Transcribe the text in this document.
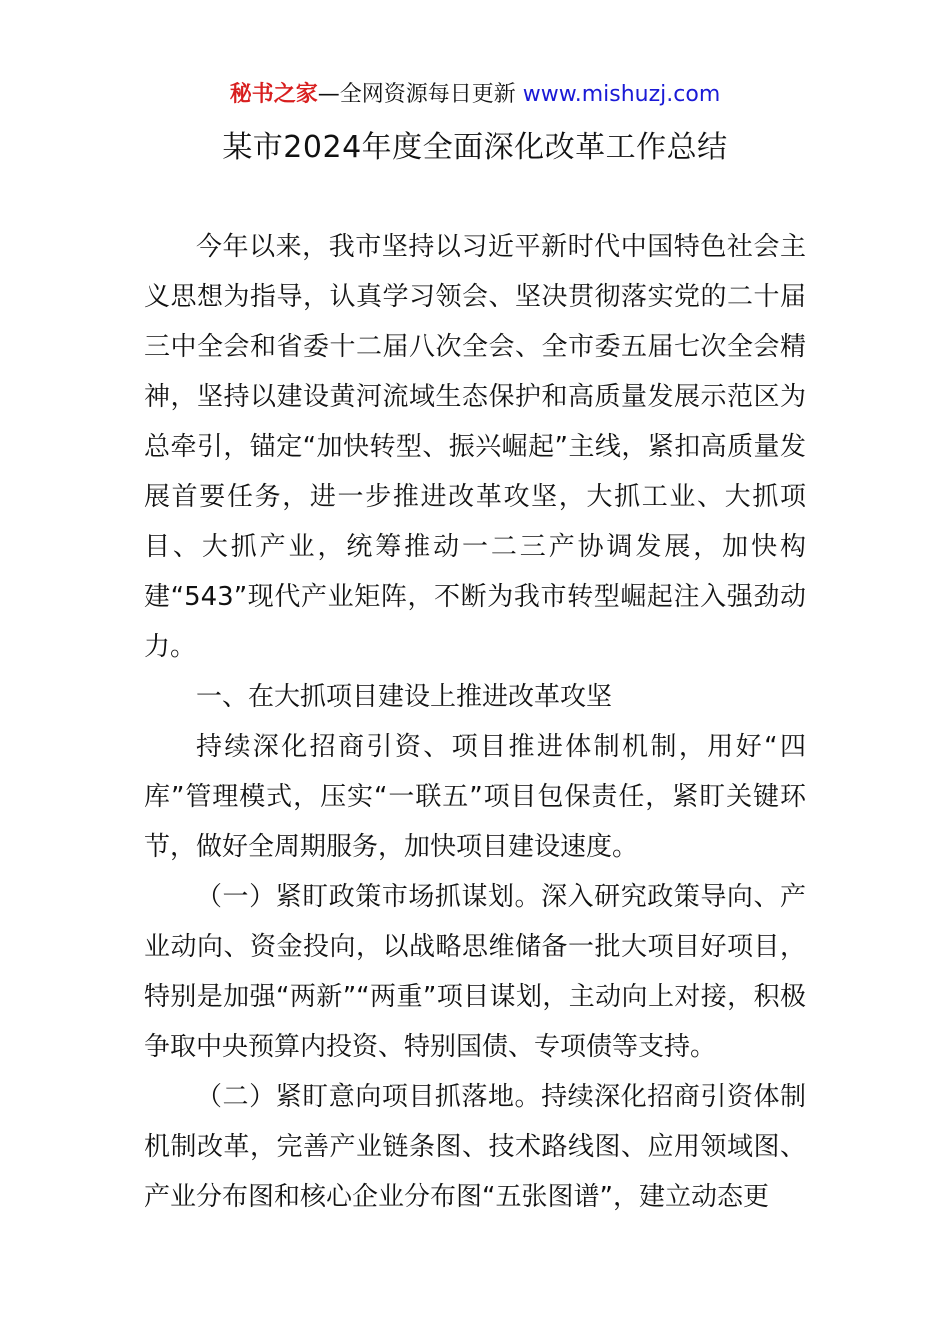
秘书之家—全网资源每日更新 www.mishuzj.com
某市2024年度全面深化改革工作总结

今年以来，我市坚持以习近平新时代中国特色社会主义思想为指导，认真学习领会、坚决贯彻落实党的二十届三中全会和省委十二届八次全会、全市委五届七次全会精神，坚持以建设黄河流域生态保护和高质量发展示范区为总牵引，锚定“加快转型、振兴崛起”主线，紧扣高质量发展首要任务，进一步推进改革攻坚，大抓工业、大抓项目、大抓产业，统筹推动一二三产协调发展，加快构建“543”现代产业矩阵，不断为我市转型崛起注入强劲动力。

一、在大抓项目建设上推进改革攻坚

持续深化招商引资、项目推进体制机制，用好“四库”管理模式，压实“一联五”项目包保责任，紧盯关键环节，做好全周期服务，加快项目建设速度。

（一）紧盯政策市场抓谋划。深入研究政策导向、产业动向、资金投向，以战略思维储备一批大项目好项目，特别是加强“两新”“两重”项目谋划，主动向上对接，积极争取中央预算内投资、特别国债、专项债等支持。

（二）紧盯意向项目抓落地。持续深化招商引资体制机制改革，完善产业链条图、技术路线图、应用领域图、产业分布图和核心企业分布图“五张图谱”，建立动态更
